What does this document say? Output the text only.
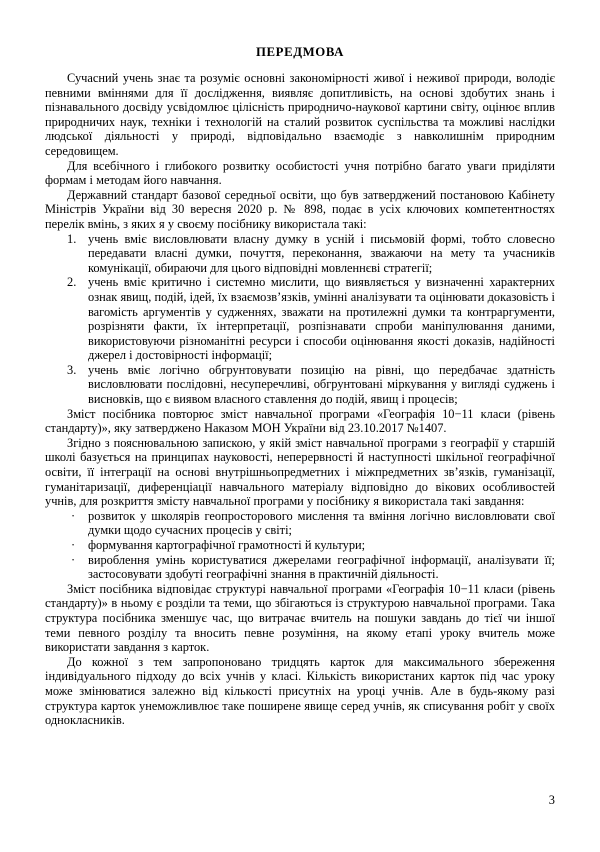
ПЕРЕДМОВА

Сучасний учень знає та розуміє основні закономірності живої і неживої природи, володіє певними вміннями для її дослідження, виявляє допитливість, на основі здобутих знань і пізнавального досвіду усвідомлює цілісність природничо-наукової картини світу, оцінює вплив природничих наук, техніки і технологій на сталий розвиток суспільства та можливі наслідки людської діяльності у природі, відповідально взаємодіє з навколишнім природним середовищем.

Для всебічного і глибокого розвитку особистості учня потрібно багато уваги приділяти формам і методам його навчання.

Державний стандарт базової середньої освіти, що був затверджений постановою Кабінету Міністрів України від 30 вересня 2020 р. № 898, подає в усіх ключових компетентностях перелік вмінь, з яких я у своєму посібнику використала такі:

учень вміє висловлювати власну думку в усній і письмовій формі, тобто словесно передавати власні думки, почуття, переконання, зважаючи на мету та учасників комунікації, обираючи для цього відповідні мовленнєві стратегії;
учень вміє критично і системно мислити, що виявляється у визначенні характерних ознак явищ, подій, ідей, їх взаємозв’язків, умінні аналізувати та оцінювати доказовість і вагомість аргументів у судженнях, зважати на протилежні думки та контраргументи, розрізняти факти, їх інтерпретації, розпізнавати спроби маніпулювання даними, використовуючи різноманітні ресурси і способи оцінювання якості доказів, надійності джерел і достовірності інформації;
учень вміє логічно обгрунтовувати позицію на рівні, що передбачає здатність висловлювати послідовні, несуперечливі, обгрунтовані міркування у вигляді суджень і висновків, що є виявом власного ставлення до подій, явищ і процесів;

Зміст посібника повторює зміст навчальної програми «Географія 10−11 класи (рівень стандарту)», яку затверджено Наказом МОН України від 23.10.2017 №1407.

Згідно з пояснювальною запискою, у якій зміст навчальної програми з географії у старшій школі базується на принципах науковості, неперервності й наступності шкільної географічної освіти, її інтеграції на основі внутрішньопредметних і міжпредметних зв’язків, гуманізації, гуманітаризації, диференціації навчального матеріалу відповідно до вікових особливостей учнів, для розкриття змісту навчальної програми у посібнику я використала такі завдання:

· розвиток у школярів геопросторового мислення та вміння логічно висловлювати свої думки щодо сучасних процесів у світі;
· формування картографічної грамотності й культури;
· вироблення умінь користуватися джерелами географічної інформації, аналізувати її; застосовувати здобуті географічні знання в практичній діяльності.

Зміст посібника відповідає структурі навчальної програми «Географія 10−11 класи (рівень стандарту)» в ньому є розділи та теми, що збігаються із структурою навчальної програми. Така структура посібника зменшує час, що витрачає вчитель на пошуки завдань до тієї чи іншої теми певного розділу та вносить певне розуміння, на якому етапі уроку вчитель може використати завдання з карток.

До кожної з тем запропоновано тридцять карток для максимального збереження індивідуального підходу до всіх учнів у класі. Кількість використаних карток під час уроку може змінюватися залежно від кількості присутніх на уроці учнів. Але в будь-якому разі структура карток унеможливлює таке поширене явище серед учнів, як списування робіт у своїх однокласників.

3
